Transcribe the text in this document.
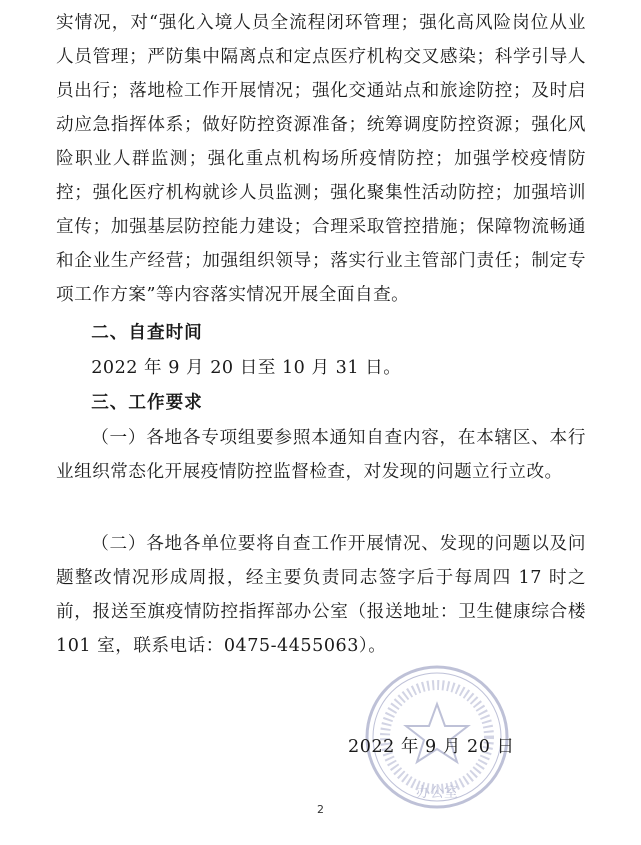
实情况，对“强化入境人员全流程闭环管理；强化高风险岗位从业人员管理；严防集中隔离点和定点医疗机构交叉感染；科学引导人员出行；落地检工作开展情况；强化交通站点和旅途防控；及时启动应急指挥体系；做好防控资源准备；统筹调度防控资源；强化风险职业人群监测；强化重点机构场所疫情防控；加强学校疫情防控；强化医疗机构就诊人员监测；强化聚集性活动防控；加强培训宣传；加强基层防控能力建设；合理采取管控措施；保障物流畅通和企业生产经营；加强组织领导；落实行业主管部门责任；制定专项工作方案”等内容落实情况开展全面自查。

二、自查时间

2022 年 9 月 20 日至 10 月 31 日。

三、工作要求

（一）各地各专项组要参照本通知自查内容，在本辖区、本行业组织常态化开展疫情防控监督检查，对发现的问题立行立改。

（二）各地各单位要将自查工作开展情况、发现的问题以及问题整改情况形成周报，经主要负责同志签字后于每周四 17 时之前，报送至旗疫情防控指挥部办公室（报送地址：卫生健康综合楼 101 室，联系电话：0475-4455063）。

办公室

2022 年 9 月 20 日

2
